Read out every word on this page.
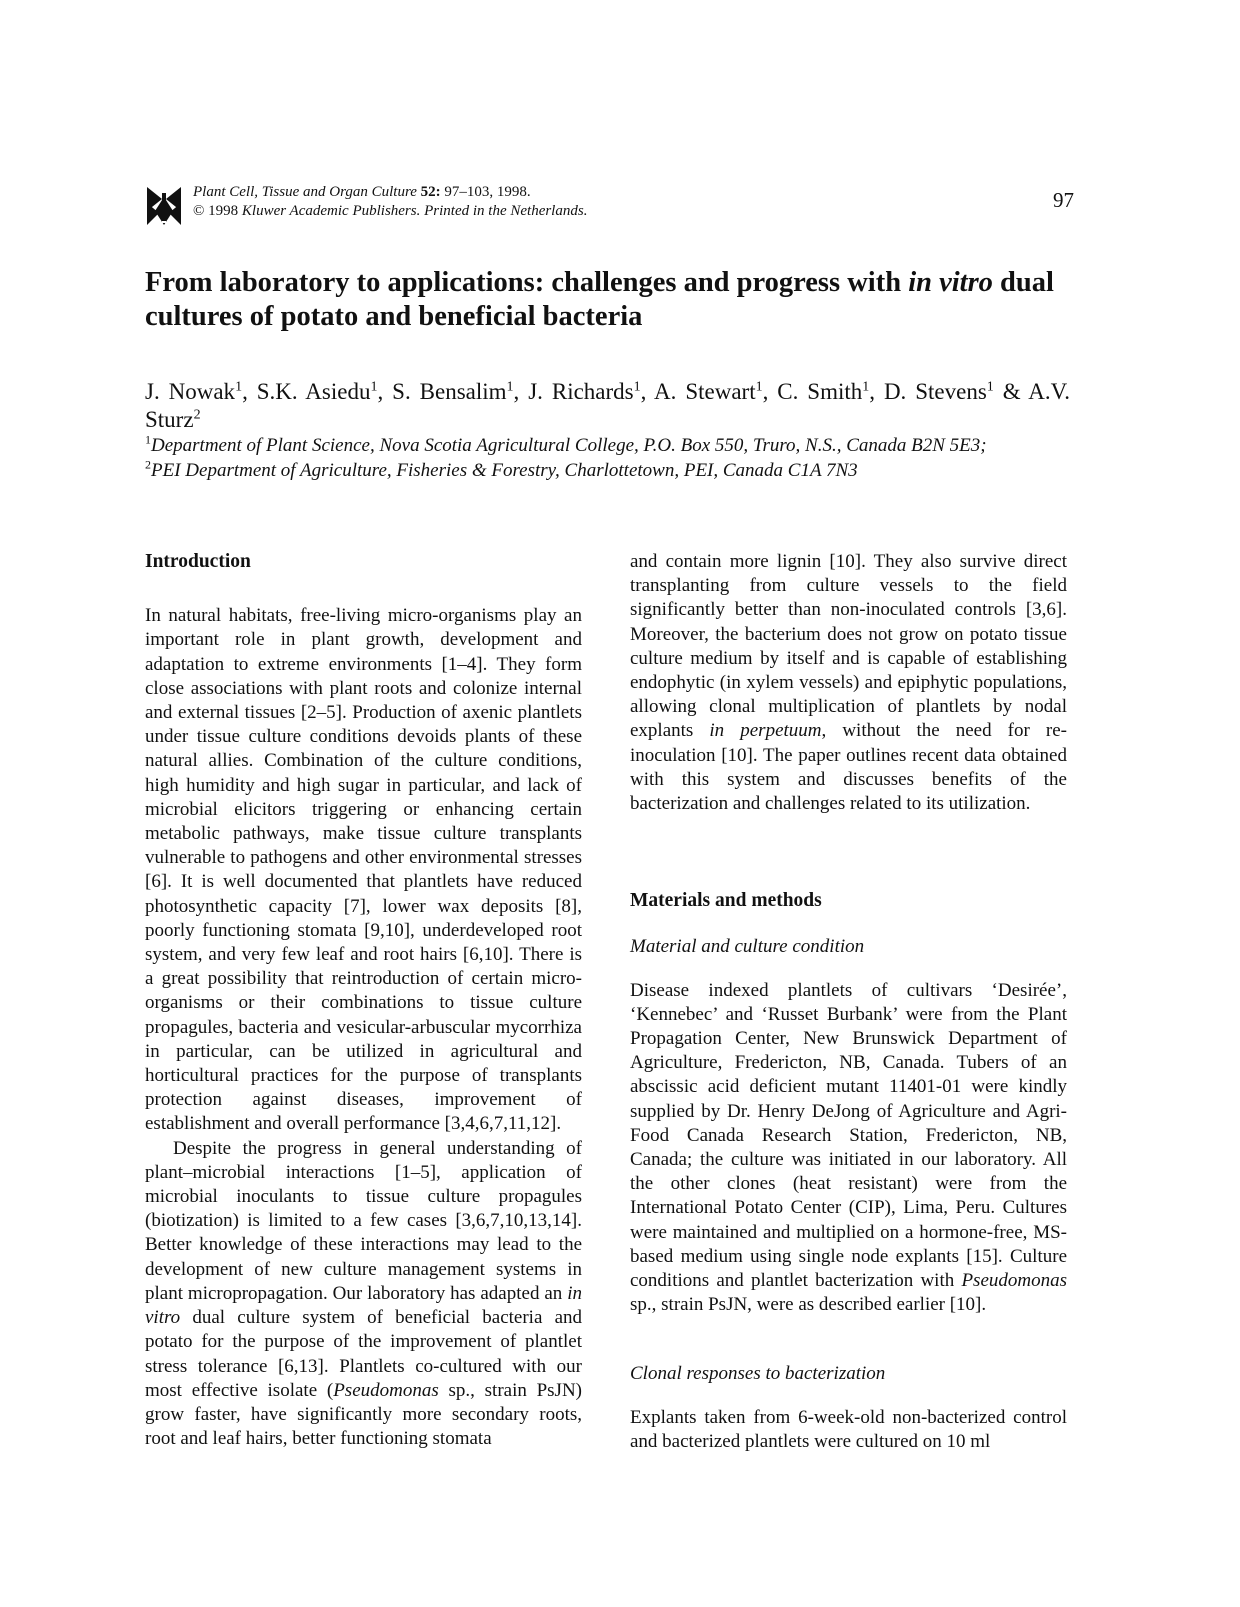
Plant Cell, Tissue and Organ Culture 52: 97–103, 1998.
© 1998 Kluwer Academic Publishers. Printed in the Netherlands.	97
From laboratory to applications: challenges and progress with in vitro dual cultures of potato and beneficial bacteria
J. Nowak$^1$, S.K. Asiedu$^1$, S. Bensalim$^1$, J. Richards$^1$, A. Stewart$^1$, C. Smith$^1$, D. Stevens$^1$ & A.V. Sturz$^2$
$^1$Department of Plant Science, Nova Scotia Agricultural College, P.O. Box 550, Truro, N.S., Canada B2N 5E3;
$^2$PEI Department of Agriculture, Fisheries & Forestry, Charlottetown, PEI, Canada C1A 7N3

Introduction

In natural habitats, free-living micro-organisms play an important role in plant growth, development and adaptation to extreme environments [1–4]. They form close associations with plant roots and colonize internal and external tissues [2–5]. Production of axenic plantlets under tissue culture conditions devoids plants of these natural allies. Combination of the culture conditions, high humidity and high sugar in particular, and lack of microbial elicitors triggering or enhancing certain metabolic pathways, make tissue culture transplants vulnerable to pathogens and other environmental stresses [6]. It is well documented that plantlets have reduced photosynthetic capacity [7], lower wax deposits [8], poorly functioning stomata [9,10], underdeveloped root system, and very few leaf and root hairs [6,10]. There is a great possibility that reintroduction of certain micro-organisms or their combinations to tissue culture propagules, bacteria and vesicular-arbuscular mycorrhiza in particular, can be utilized in agricultural and horticultural practices for the purpose of transplants protection against diseases, improvement of establishment and overall performance [3,4,6,7,11,12].

Despite the progress in general understanding of plant–microbial interactions [1–5], application of microbial inoculants to tissue culture propagules (biotization) is limited to a few cases [3,6,7,10,13,14]. Better knowledge of these interactions may lead to the development of new culture management systems in plant micropropagation. Our laboratory has adapted an in vitro dual culture system of beneficial bacteria and potato for the purpose of the improvement of plantlet stress tolerance [6,13]. Plantlets co-cultured with our most effective isolate (Pseudomonas sp., strain PsJN) grow faster, have significantly more secondary roots, root and leaf hairs, better functioning stomata

and contain more lignin [10]. They also survive direct transplanting from culture vessels to the field significantly better than non-inoculated controls [3,6]. Moreover, the bacterium does not grow on potato tissue culture medium by itself and is capable of establishing endophytic (in xylem vessels) and epiphytic populations, allowing clonal multiplication of plantlets by nodal explants in perpetuum, without the need for re-inoculation [10]. The paper outlines recent data obtained with this system and discusses benefits of the bacterization and challenges related to its utilization.

Materials and methods

Material and culture condition

Disease indexed plantlets of cultivars ‘Desirée’, ‘Kennebec’ and ‘Russet Burbank’ were from the Plant Propagation Center, New Brunswick Department of Agriculture, Fredericton, NB, Canada. Tubers of an abscissic acid deficient mutant 11401-01 were kindly supplied by Dr. Henry DeJong of Agriculture and Agri-Food Canada Research Station, Fredericton, NB, Canada; the culture was initiated in our laboratory. All the other clones (heat resistant) were from the International Potato Center (CIP), Lima, Peru. Cultures were maintained and multiplied on a hormone-free, MS-based medium using single node explants [15]. Culture conditions and plantlet bacterization with Pseudomonas sp., strain PsJN, were as described earlier [10].

Clonal responses to bacterization

Explants taken from 6-week-old non-bacterized control and bacterized plantlets were cultured on 10 ml
